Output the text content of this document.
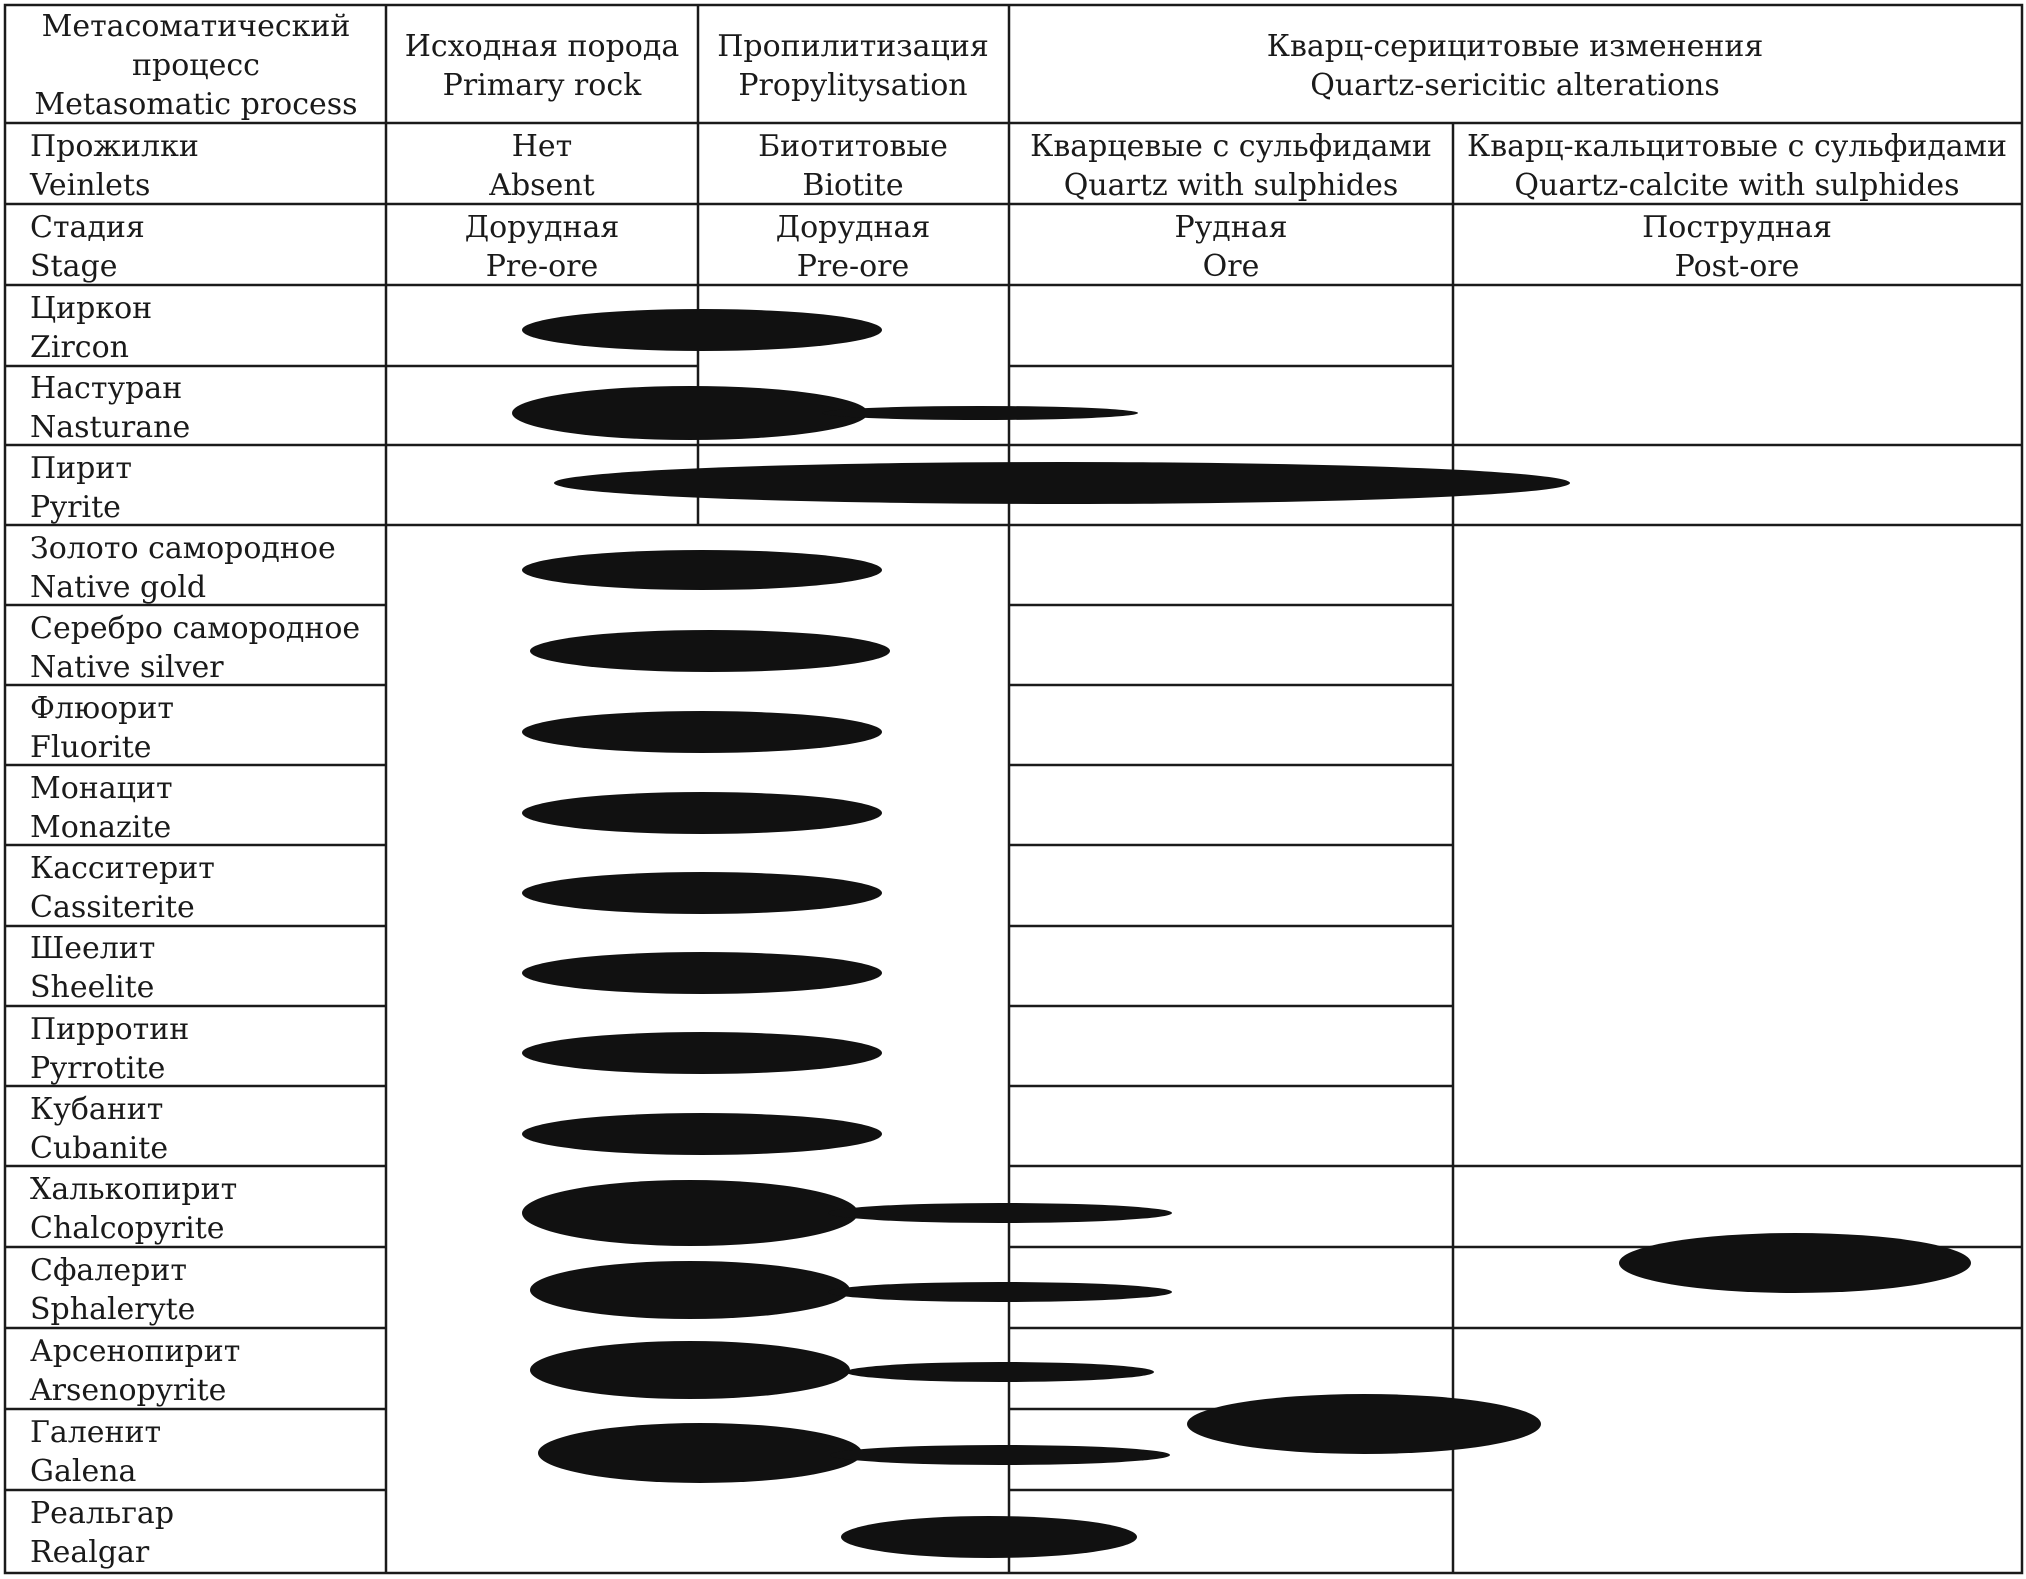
Метасоматический
процесс
Metasomatic process
Исходная порода
Primary rock
Пропилитизация
Propylitysation
Кварц-серицитовые изменения
Quartz-sericitic alterations
Нет
Absent
Биотитовые
Biotite
Кварцевые с сульфидами
Quartz with sulphides
Кварц-кальцитовые с сульфидами
Quartz-calcite with sulphides
Дорудная
Pre-ore
Дорудная
Pre-ore
Рудная
Ore
Пострудная
Post-ore
Прожилки
Veinlets
Стадия
Stage
Циркон
Zircon
Настуран
Nasturane
Пирит
Pyrite
Золото самородное
Native gold
Серебро самородное
Native silver
Флюорит
Fluorite
Монацит
Monazite
Касситерит
Cassiterite
Шеелит
Sheelite
Пирротин
Pyrrotite
Кубанит
Cubanite
Халькопирит
Chalcopyrite
Сфалерит
Sphaleryte
Арсенопирит
Arsenopyrite
Галенит
Galena
Реальгар
Realgar
